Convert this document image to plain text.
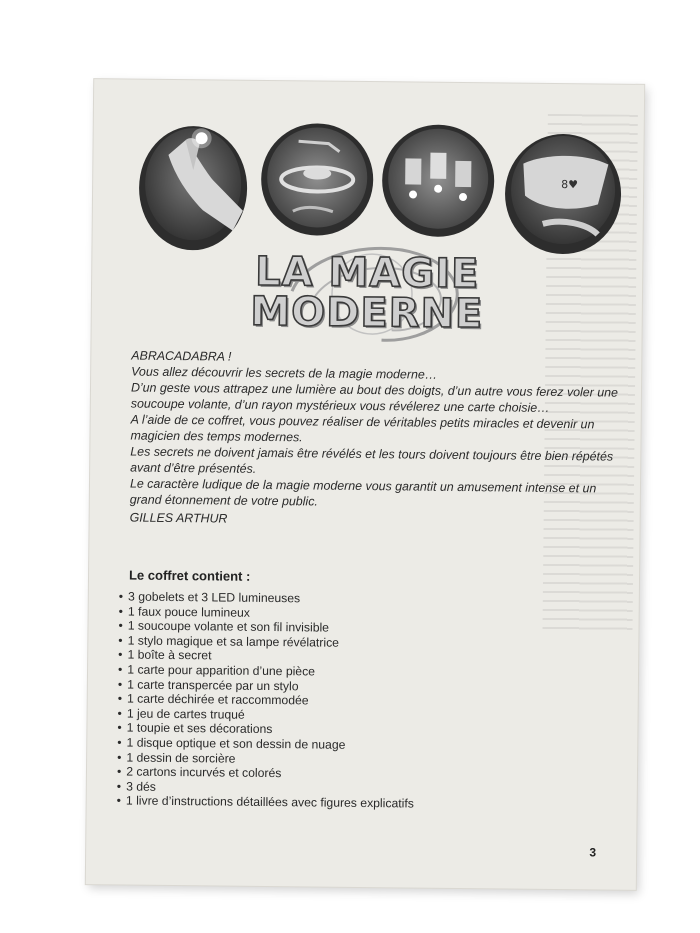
8♥
LA MAGIE
MODERNE

ABRACADABRA !

Vous allez découvrir les secrets de la magie moderne…

D’un geste vous attrapez une lumière au bout des doigts, d’un autre vous ferez voler une soucoupe volante, d’un rayon mystérieux vous révélerez une carte choisie…

A l’aide de ce coffret, vous pouvez réaliser de véritables petits miracles et devenir un magicien des temps modernes.

Les secrets ne doivent jamais être révélés et les tours doivent toujours être bien répétés avant d’être présentés.

Le caractère ludique de la magie moderne vous garantit un amusement intense et un grand étonnement de votre public.

GILLES ARTHUR

Le coffret contient :
• 3 gobelets et 3 LED lumineuses
• 1 faux pouce lumineux
• 1 soucoupe volante et son fil invisible
• 1 stylo magique et sa lampe révélatrice
• 1 boîte à secret
• 1 carte pour apparition d’une pièce
• 1 carte transpercée par un stylo
• 1 carte déchirée et raccommodée
• 1 jeu de cartes truqué
• 1 toupie et ses décorations
• 1 disque optique et son dessin de nuage
• 1 dessin de sorcière
• 2 cartons incurvés et colorés
• 3 dés
• 1 livre d’instructions détaillées avec figures explicatifs
3
